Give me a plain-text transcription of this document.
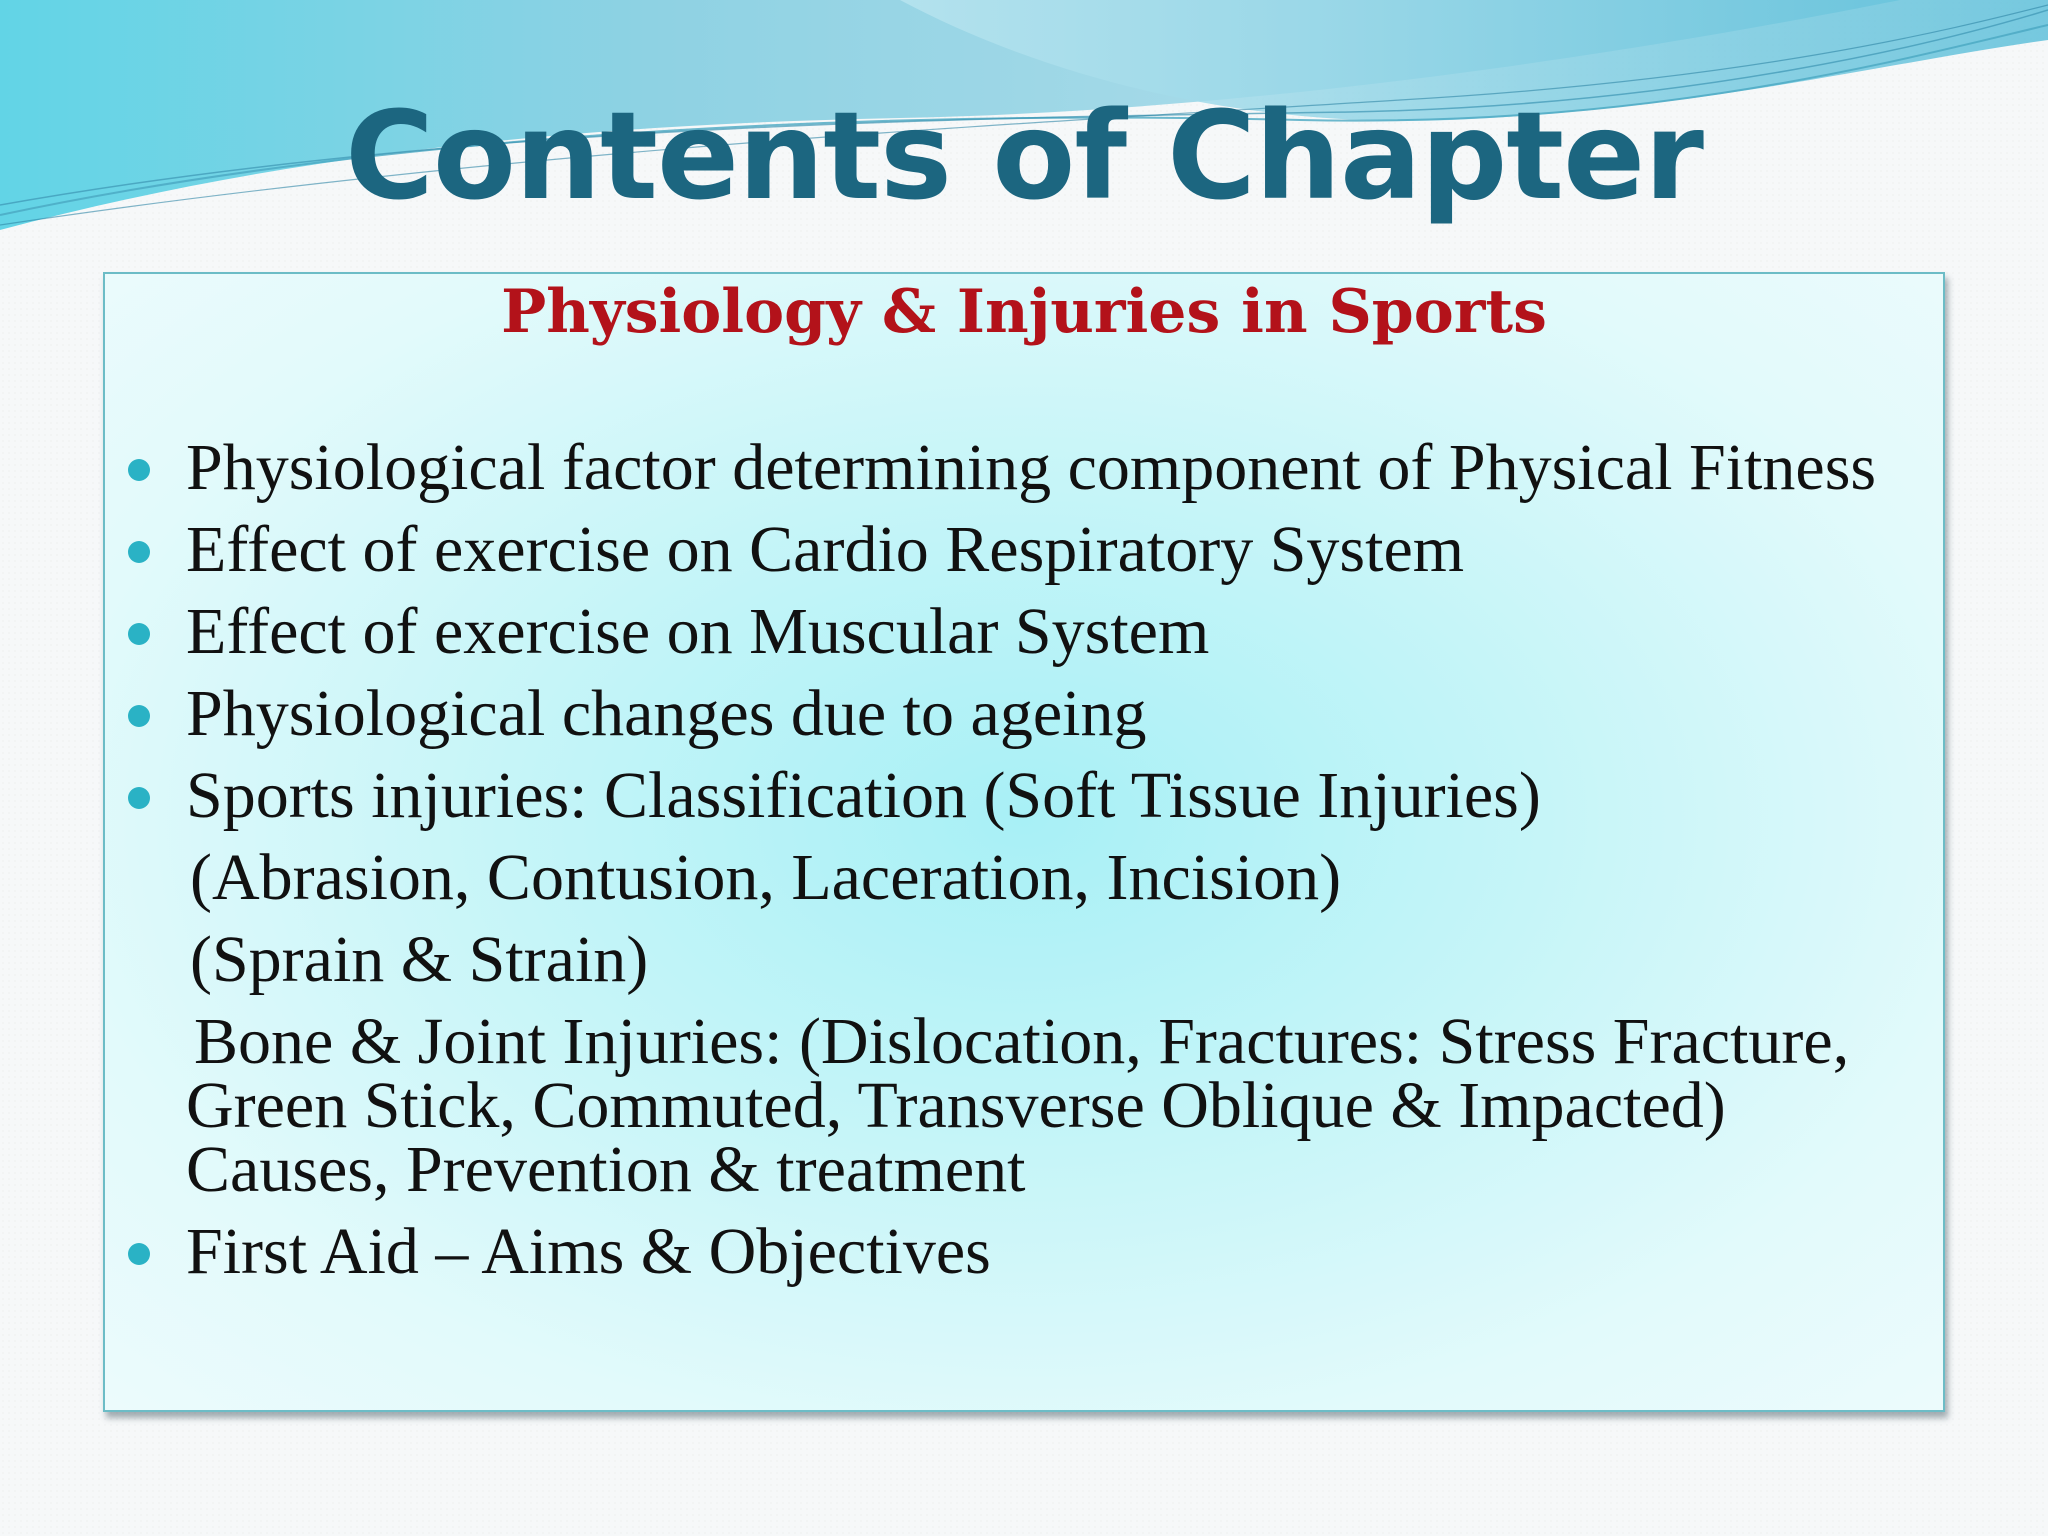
Contents of Chapter
Physiology & Injuries in Sports
Physiological factor determining component of Physical Fitness
Effect of exercise on Cardio Respiratory System
Effect of exercise on Muscular System
Physiological changes due to ageing
Sports injuries: Classification (Soft Tissue Injuries)
(Abrasion, Contusion, Laceration, Incision)
(Sprain & Strain)
Bone & Joint Injuries: (Dislocation, Fractures: Stress Fracture, Green Stick, Commuted, Transverse Oblique & Impacted) Causes, Prevention & treatment
First Aid – Aims & Objectives
